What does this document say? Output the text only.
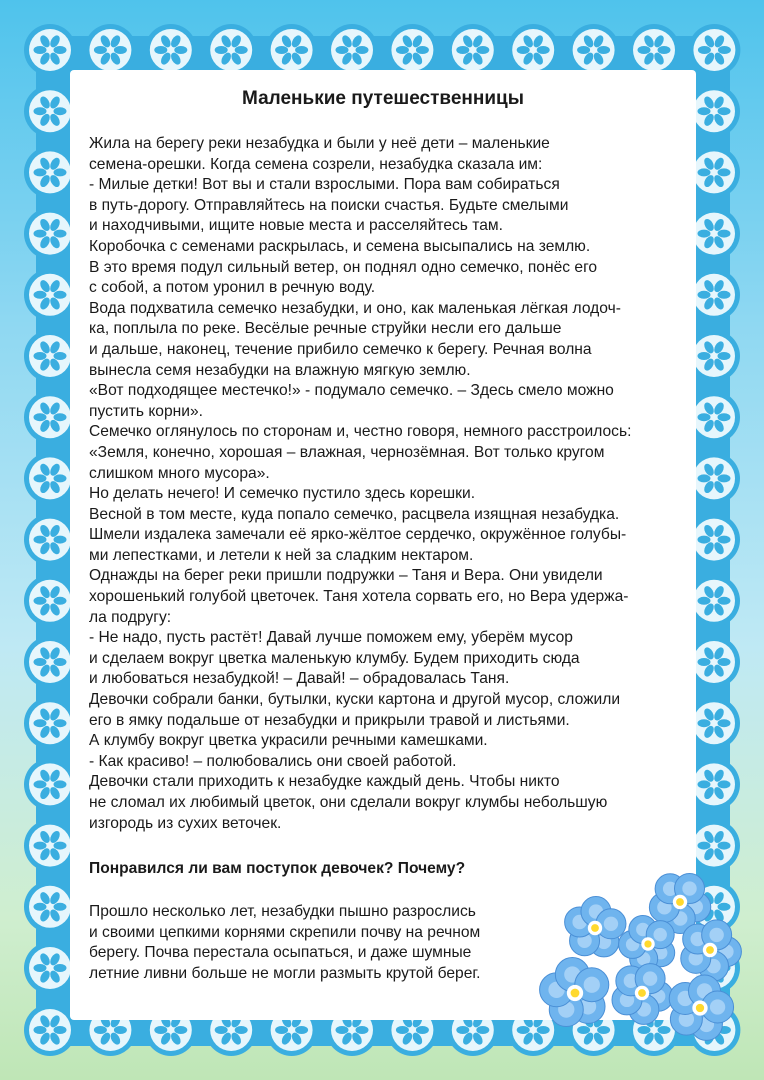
Маленькие путешественницы

Жила на берегу реки незабудка и были у неё дети – маленькие

семена-орешки. Когда семена созрели, незабудка сказала им:

- Милые детки! Вот вы и стали взрослыми. Пора вам собираться

в путь-дорогу. Отправляйтесь на поиски счастья. Будьте смелыми

и находчивыми, ищите новые места и расселяйтесь там.

Коробочка с семенами раскрылась, и семена высыпались на землю.

В это время подул сильный ветер, он поднял одно семечко, понёс его

с собой, а потом уронил в речную воду.

Вода подхватила семечко незабудки, и оно, как маленькая лёгкая лодоч-

ка, поплыла по реке. Весёлые речные струйки несли его дальше

и дальше, наконец, течение прибило семечко к берегу. Речная волна

вынесла семя незабудки на влажную мягкую землю.

«Вот подходящее местечко!» - подумало семечко. – Здесь смело можно

пустить корни».

Семечко оглянулось по сторонам и, честно говоря, немного расстроилось:

«Земля, конечно, хорошая – влажная, чернозёмная. Вот только кругом

слишком много мусора».

Но делать нечего! И семечко пустило здесь корешки.

Весной в том месте, куда попало семечко, расцвела изящная незабудка.

Шмели издалека замечали её ярко-жёлтое сердечко, окружённое голубы-

ми лепестками, и летели к ней за сладким нектаром.

Однажды на берег реки пришли подружки – Таня и Вера. Они увидели

хорошенький голубой цветочек. Таня хотела сорвать его, но Вера удержа-

ла подругу:

- Не надо, пусть растёт! Давай лучше поможем ему, уберём мусор

и сделаем вокруг цветка маленькую клумбу. Будем приходить сюда

и любоваться незабудкой! – Давай! – обрадовалась Таня.

Девочки собрали банки, бутылки, куски картона и другой мусор, сложили

его в ямку подальше от незабудки и прикрыли травой и листьями.

А клумбу вокруг цветка украсили речными камешками.

- Как красиво! – полюбовались они своей работой.

Девочки стали приходить к незабудке каждый день. Чтобы никто

не сломал их любимый цветок, они сделали вокруг клумбы небольшую

изгородь из сухих веточек.

Понравился ли вам поступок девочек? Почему?

Прошло несколько лет, незабудки пышно разрослись

и своими цепкими корнями скрепили почву на речном

берегу. Почва перестала осыпаться, и даже шумные

летние ливни больше не могли размыть крутой берег.
